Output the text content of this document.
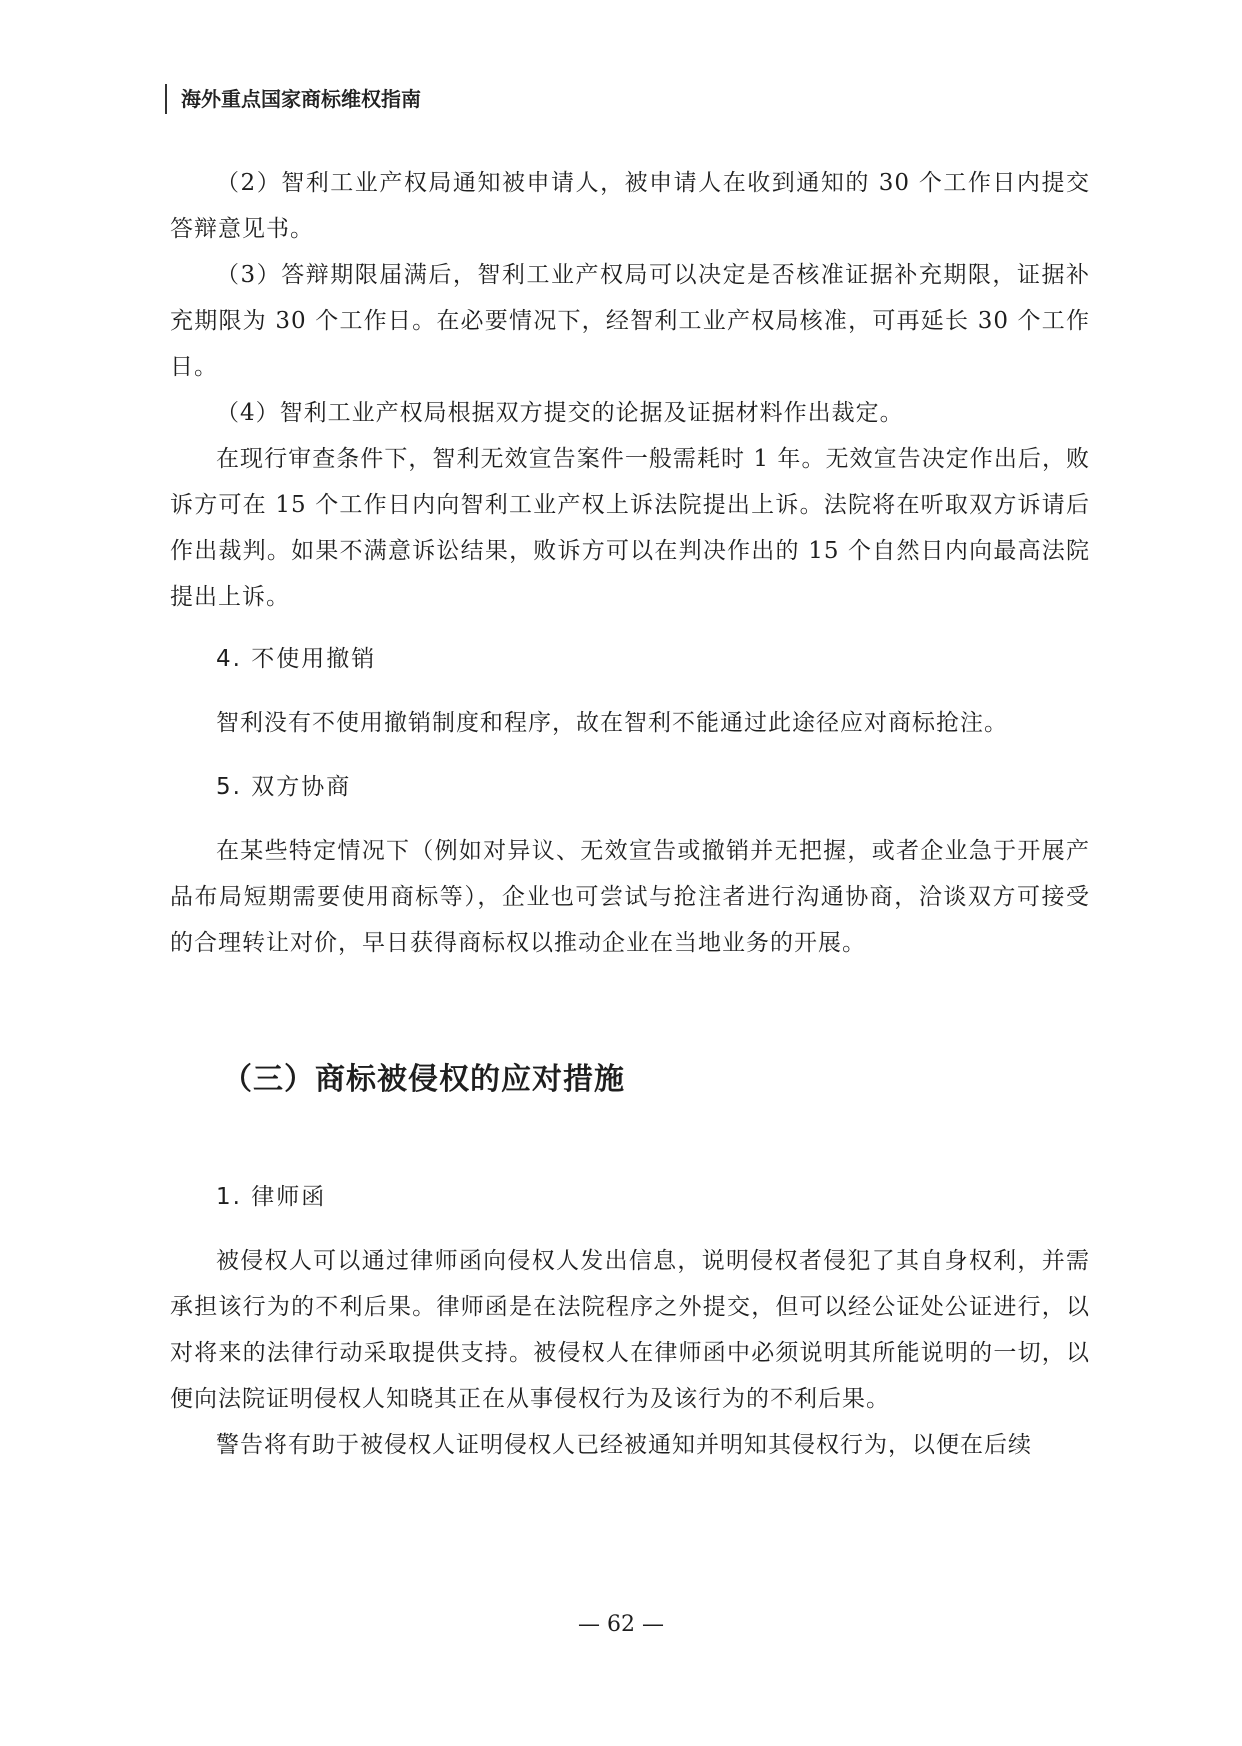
海外重点国家商标维权指南

（2）智利工业产权局通知被申请人，被申请人在收到通知的 30 个工作日内提交答辩意见书。

（3）答辩期限届满后，智利工业产权局可以决定是否核准证据补充期限，证据补充期限为 30 个工作日。在必要情况下，经智利工业产权局核准，可再延长 30 个工作日。

（4）智利工业产权局根据双方提交的论据及证据材料作出裁定。

在现行审查条件下，智利无效宣告案件一般需耗时 1 年。无效宣告决定作出后，败诉方可在 15 个工作日内向智利工业产权上诉法院提出上诉。法院将在听取双方诉请后作出裁判。如果不满意诉讼结果，败诉方可以在判决作出的 15 个自然日内向最高法院提出上诉。

4. 不使用撤销

智利没有不使用撤销制度和程序，故在智利不能通过此途径应对商标抢注。

5. 双方协商

在某些特定情况下（例如对异议、无效宣告或撤销并无把握，或者企业急于开展产品布局短期需要使用商标等），企业也可尝试与抢注者进行沟通协商，洽谈双方可接受的合理转让对价，早日获得商标权以推动企业在当地业务的开展。

（三）商标被侵权的应对措施

1. 律师函

被侵权人可以通过律师函向侵权人发出信息，说明侵权者侵犯了其自身权利，并需承担该行为的不利后果。律师函是在法院程序之外提交，但可以经公证处公证进行，以对将来的法律行动采取提供支持。被侵权人在律师函中必须说明其所能说明的一切，以便向法院证明侵权人知晓其正在从事侵权行为及该行为的不利后果。

警告将有助于被侵权人证明侵权人已经被通知并明知其侵权行为，以便在后续

— 62 —
